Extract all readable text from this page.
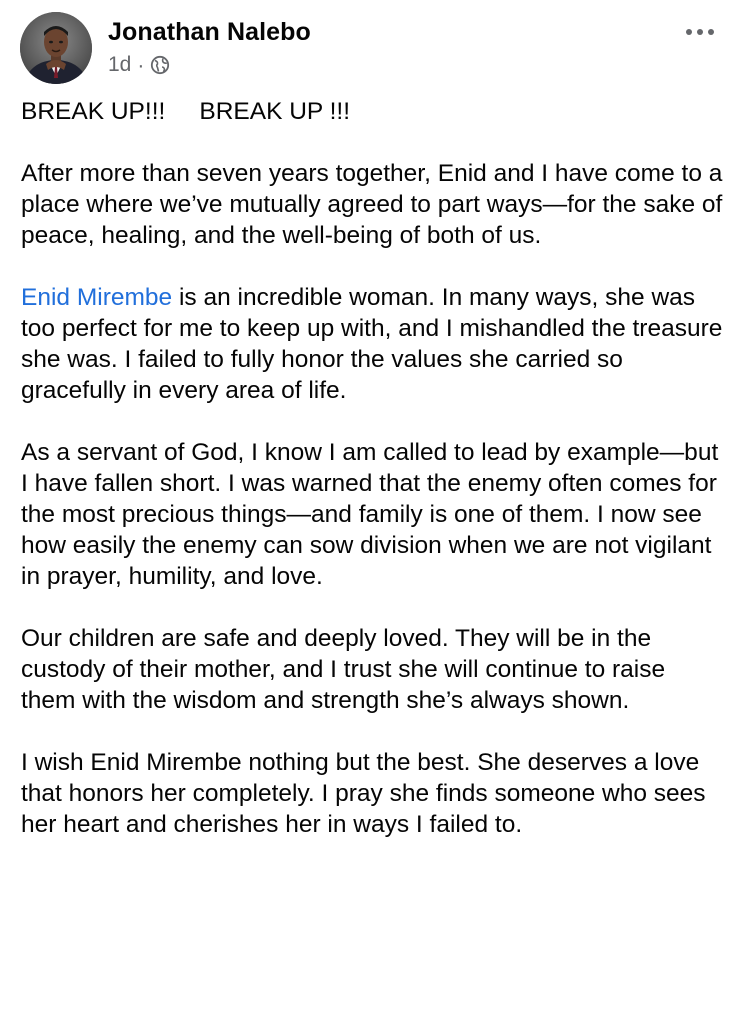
Jonathan Nalebo
1d ·

BREAK UP!!!     BREAK UP !!!

After more than seven years together, Enid and I have come to a place where we’ve mutually agreed to part ways—for the sake of peace, healing, and the well-being of both of us.

Enid Mirembe is an incredible woman. In many ways, she was too perfect for me to keep up with, and I mishandled the treasure she was. I failed to fully honor the values she carried so gracefully in every area of life.

As a servant of God, I know I am called to lead by example—but I have fallen short. I was warned that the enemy often comes for the most precious things—and family is one of them. I now see how easily the enemy can sow division when we are not vigilant in prayer, humility, and love.

Our children are safe and deeply loved. They will be in the custody of their mother, and I trust she will continue to raise them with the wisdom and strength she’s always shown.

I wish Enid Mirembe nothing but the best. She deserves a love that honors her completely. I pray she finds someone who sees her heart and cherishes her in ways I failed to.
